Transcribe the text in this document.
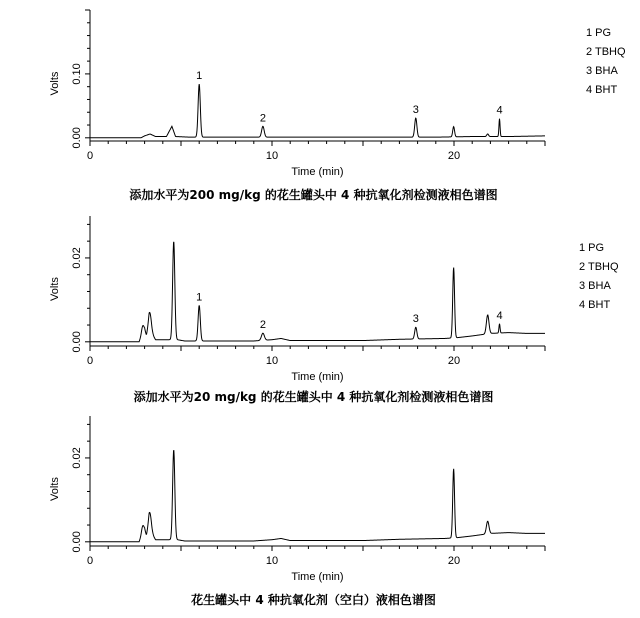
0	10	20
0.00
0.10
Time (min)
Volts	1
2
3	4
1 PG
2 TBHQ
3 BHA
4 BHT
添加水平为200 mg/kg 的花生罐头中 4 种抗氧化剂检测液相色谱图
0	10	20
0.00
0.02
Time (min)
Volts	1
2	3	4
1 PG
2 TBHQ
3 BHA
4 BHT
添加水平为20 mg/kg 的花生罐头中 4 种抗氧化剂检测液相色谱图
0	10	20
0.00
0.02
Time (min)
Volts
花生罐头中 4 种抗氧化剂（空白）液相色谱图
